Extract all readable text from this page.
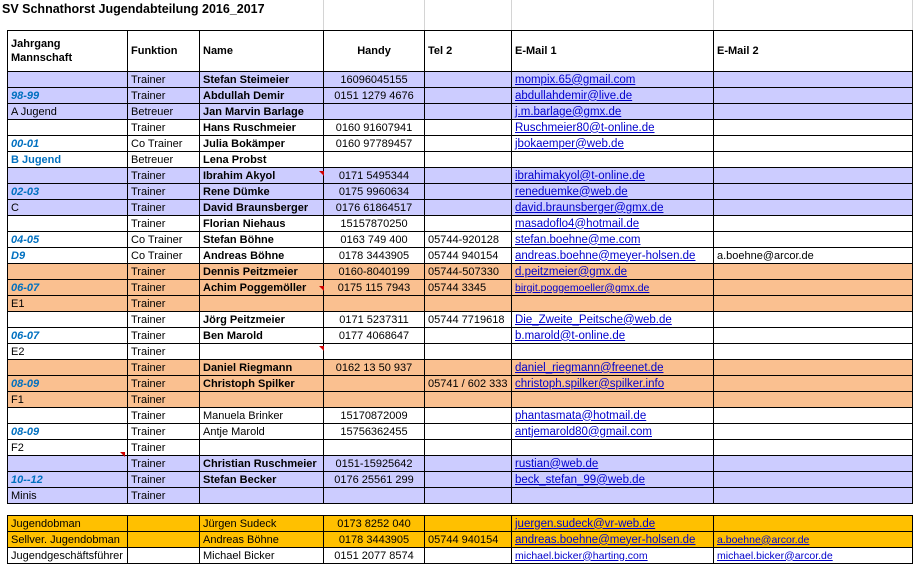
SV Schnathorst Jugendabteilung 2016_2017
Jahrgang
Mannschaft	Funktion	Name	Handy	Tel 2	E-Mail 1	E-Mail 2
	Trainer	Stefan Steimeier	16096045155		mompix.65@gmail.com	
98-99	Trainer	Abdullah Demir	0151 1279 4676		abdullahdemir@live.de	
A Jugend	Betreuer	Jan Marvin Barlage			j.m.barlage@gmx.de	
	Trainer	Hans Ruschmeier	0160 91607941		Ruschmeier80@t-online.de	
00-01	Co Trainer	Julia Bokämper	0160 97789457		jbokaemper@web.de	
B Jugend	Betreuer	Lena Probst				
	Trainer	Ibrahim Akyol	0171 5495344		ibrahimakyol@t-online.de	
02-03	Trainer	Rene Dümke	0175 9960634		reneduemke@web.de	
C	Trainer	David Braunsberger	0176 61864517		david.braunsberger@gmx.de	
	Trainer	Florian Niehaus	15157870250		masadoflo4@hotmail.de	
04-05	Co Trainer	Stefan Böhne	0163 749 400	05744-920128	stefan.boehne@me.com	
D9	Co Trainer	Andreas Böhne	0178 3443905	05744 940154	andreas.boehne@meyer-holsen.de	a.boehne@arcor.de
	Trainer	Dennis Peitzmeier	0160-8040199	05744-507330	d.peitzmeier@gmx.de	
06-07	Trainer	Achim Poggemöller	0175 115 7943	05744 3345	birgit.poggemoeller@gmx.de	
E1	Trainer					
	Trainer	Jörg Peitzmeier	0171 5237311	05744 7719618	Die_Zweite_Peitsche@web.de	
06-07	Trainer	Ben Marold	0177 4068647		b.marold@t-online.de	
E2	Trainer					
	Trainer	Daniel Riegmann	0162 13 50 937		daniel_riegmann@freenet.de	
08-09	Trainer	Christoph Spilker		05741 / 602 333	christoph.spilker@spilker.info	
F1	Trainer					
	Trainer	Manuela Brinker	15170872009		phantasmata@hotmail.de	
08-09	Trainer	Antje Marold	15756362455		antjemarold80@gmail.com	
F2	Trainer					
	Trainer	Christian Ruschmeier	0151-15925642		rustian@web.de	
10--12	Trainer	Stefan Becker	0176 25561 299		beck_stefan_99@web.de	
Minis	Trainer					

Jugendobman		Jürgen Sudeck	0173 8252 040		juergen.sudeck@vr-web.de	
Sellver. Jugendobman		Andreas Böhne	0178 3443905	05744 940154	andreas.boehne@meyer-holsen.de	a.boehne@arcor.de
Jugendgeschäftsführer		Michael Bicker	0151 2077 8574		michael.bicker@harting.com	michael.bicker@arcor.de
